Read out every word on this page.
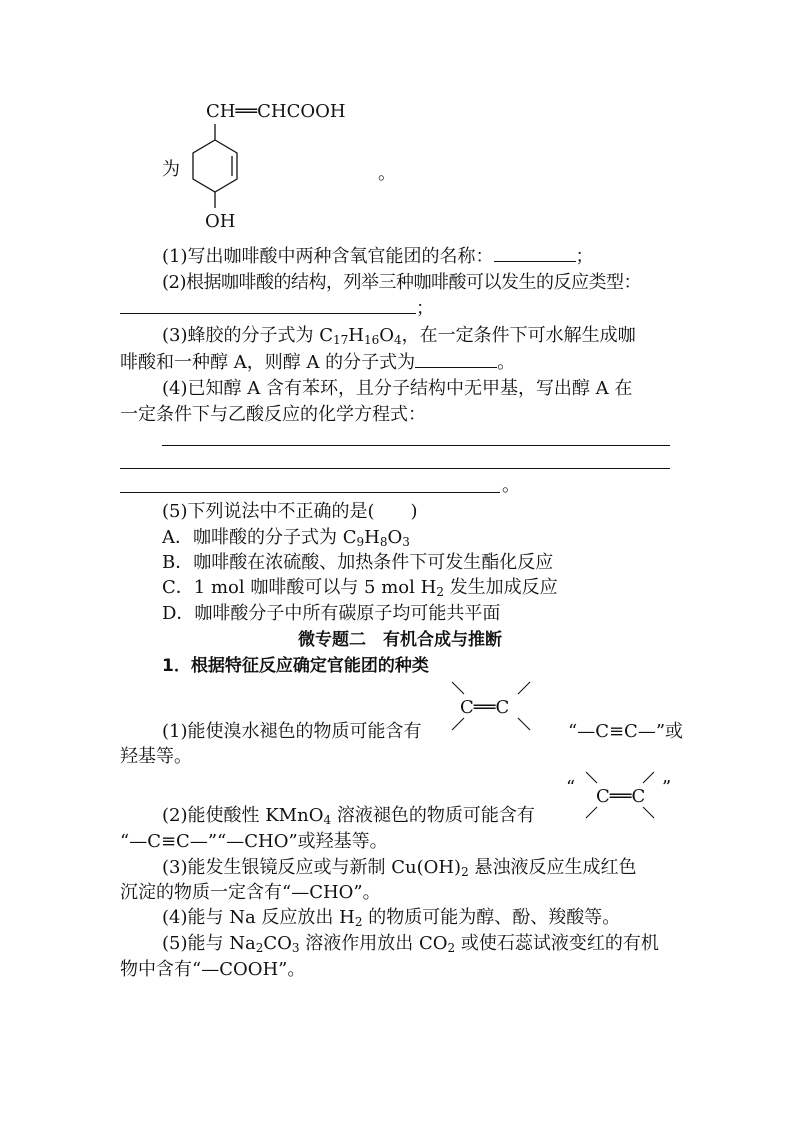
为
CH══CHCOOH
OH
。
(1)写出咖啡酸中两种含氧官能团的名称：	；
(2)根据咖啡酸的结构，列举三种咖啡酸可以发生的反应类型：
；
(3)蜂胶的分子式为 $C_{17}H_{16}O_4$，在一定条件下可水解生成咖
啡酸和一种醇 A，则醇 A 的分子式为	。
(4)已知醇 A 含有苯环，且分子结构中无甲基，写出醇 A 在
一定条件下与乙酸反应的化学方程式：
。
(5)下列说法中不正确的是(　　)
A．咖啡酸的分子式为 $C_9H_8O_3$
B．咖啡酸在浓硫酸、加热条件下可发生酯化反应
C．1 mol 咖啡酸可以与 5 mol $H_2$ 发生加成反应
D．咖啡酸分子中所有碳原子均可能共平面
微专题二　有机合成与推断
1．根据特征反应确定官能团的种类
(1)能使溴水褪色的物质可能含有
C══C
“—C≡C—”或
羟基等。
(2)能使酸性 KMnO$_4$ 溶液褪色的物质可能含有
“ C══C ”
“—C≡C—”“—CHO”或羟基等。
(3)能发生银镜反应或与新制 $Cu(OH)_2$ 悬浊液反应生成红色
沉淀的物质一定含有“—CHO”。
(4)能与 Na 反应放出 $H_2$ 的物质可能为醇、酚、羧酸等。
(5)能与 $Na_2CO_3$ 溶液作用放出 $CO_2$ 或使石蕊试液变红的有机
物中含有“—COOH”。
